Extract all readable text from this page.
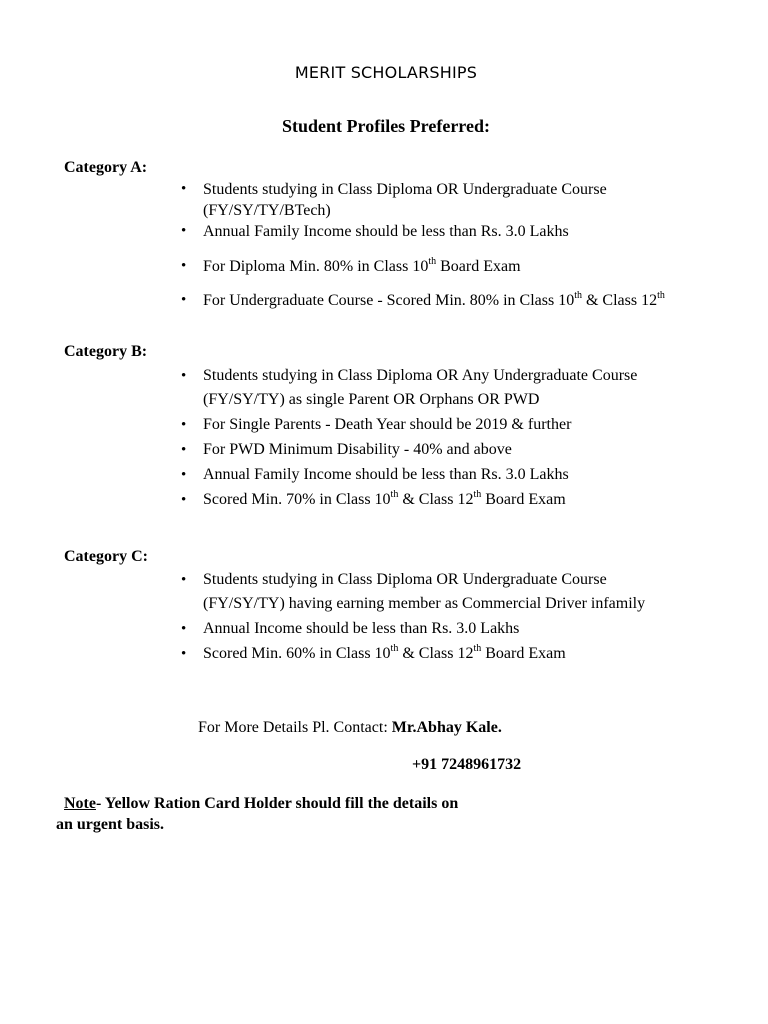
MERIT SCHOLARSHIPS
Student Profiles Preferred:
Category A:
• Students studying in Class Diploma OR Undergraduate Course
(FY/SY/TY/BTech)
• Annual Family Income should be less than Rs. 3.0 Lakhs
• For Diploma Min. 80% in Class 10th Board Exam
• For Undergraduate Course - Scored Min. 80% in Class 10th & Class 12th
Category B:
• Students studying in Class Diploma OR Any Undergraduate Course
(FY/SY/TY) as single Parent OR Orphans OR PWD
• For Single Parents - Death Year should be 2019 & further
• For PWD Minimum Disability - 40% and above
• Annual Family Income should be less than Rs. 3.0 Lakhs
• Scored Min. 70% in Class 10th & Class 12th Board Exam
Category C:
• Students studying in Class Diploma OR Undergraduate Course
(FY/SY/TY) having earning member as Commercial Driver infamily
• Annual Income should be less than Rs. 3.0 Lakhs
• Scored Min. 60% in Class 10th & Class 12th Board Exam
For More Details Pl. Contact: Mr.Abhay Kale.
+91 7248961732
Note- Yellow Ration Card Holder should fill the details on
an urgent basis.
